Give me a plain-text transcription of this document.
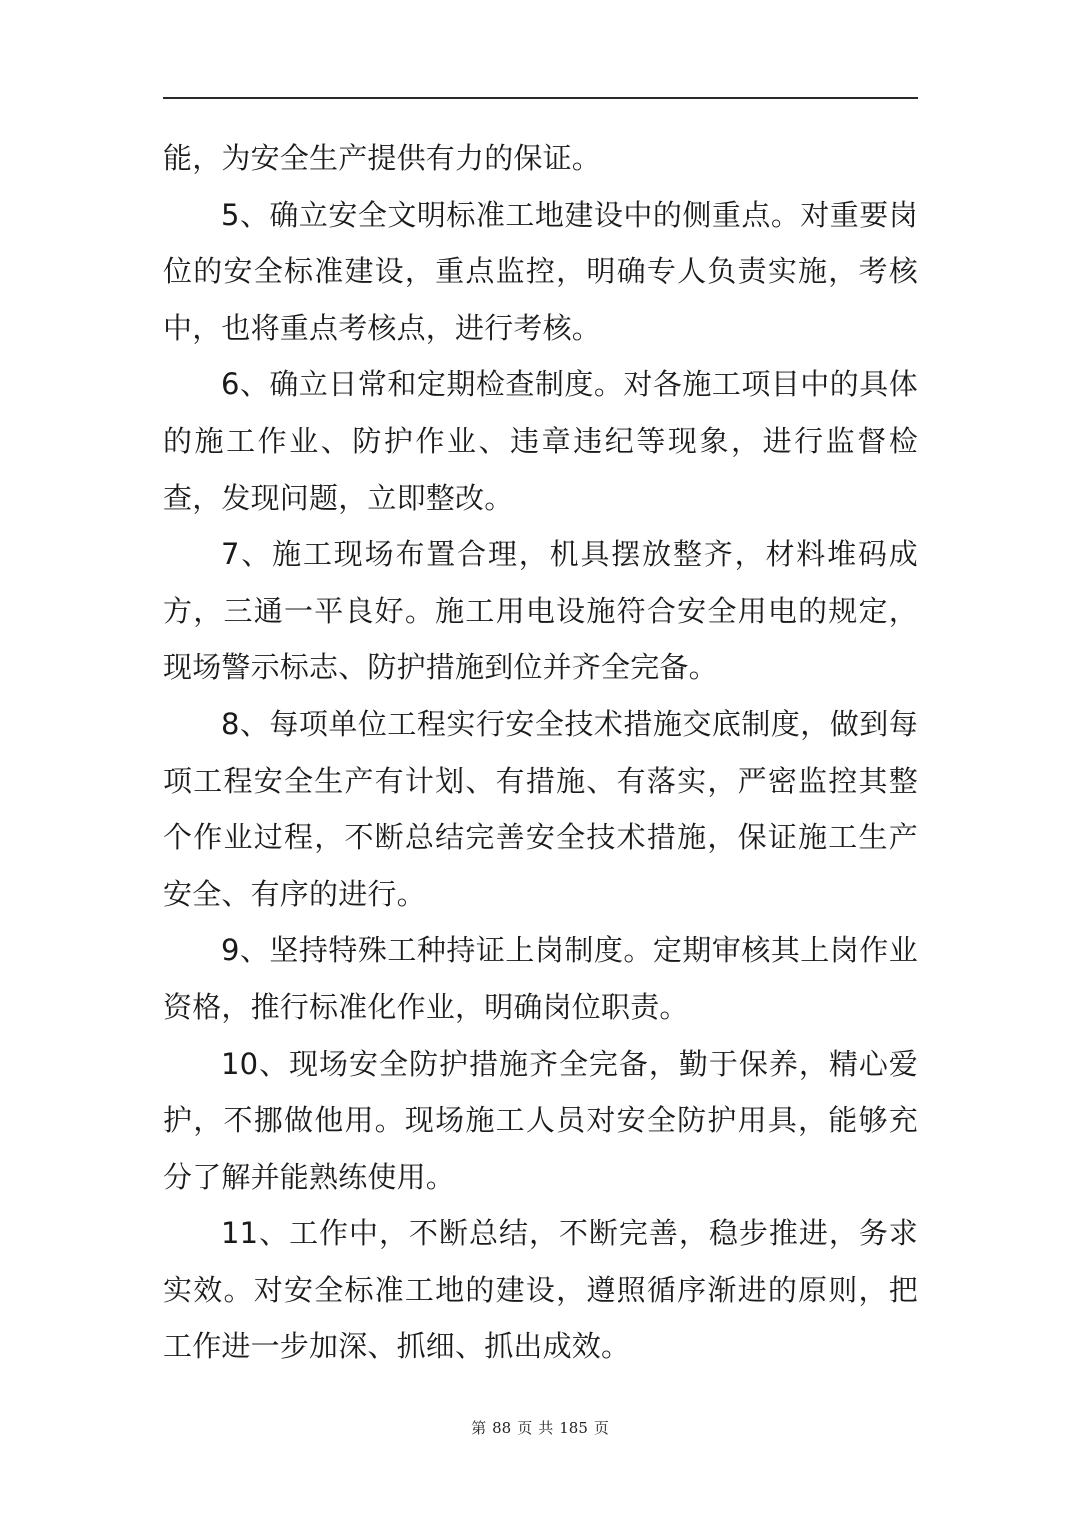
能，为安全生产提供有力的保证。

5、确立安全文明标准工地建设中的侧重点。对重要岗位的安全标准建设，重点监控，明确专人负责实施，考核中，也将重点考核点，进行考核。

6、确立日常和定期检查制度。对各施工项目中的具体的施工作业、防护作业、违章违纪等现象，进行监督检查，发现问题，立即整改。

7、施工现场布置合理，机具摆放整齐，材料堆码成方，三通一平良好。施工用电设施符合安全用电的规定，现场警示标志、防护措施到位并齐全完备。

8、每项单位工程实行安全技术措施交底制度，做到每项工程安全生产有计划、有措施、有落实，严密监控其整个作业过程，不断总结完善安全技术措施，保证施工生产安全、有序的进行。

9、坚持特殊工种持证上岗制度。定期审核其上岗作业资格，推行标准化作业，明确岗位职责。

10、现场安全防护措施齐全完备，勤于保养，精心爱护，不挪做他用。现场施工人员对安全防护用具，能够充分了解并能熟练使用。

11、工作中，不断总结，不断完善，稳步推进，务求实效。对安全标准工地的建设，遵照循序渐进的原则，把工作进一步加深、抓细、抓出成效。

第 88 页 共 185 页
